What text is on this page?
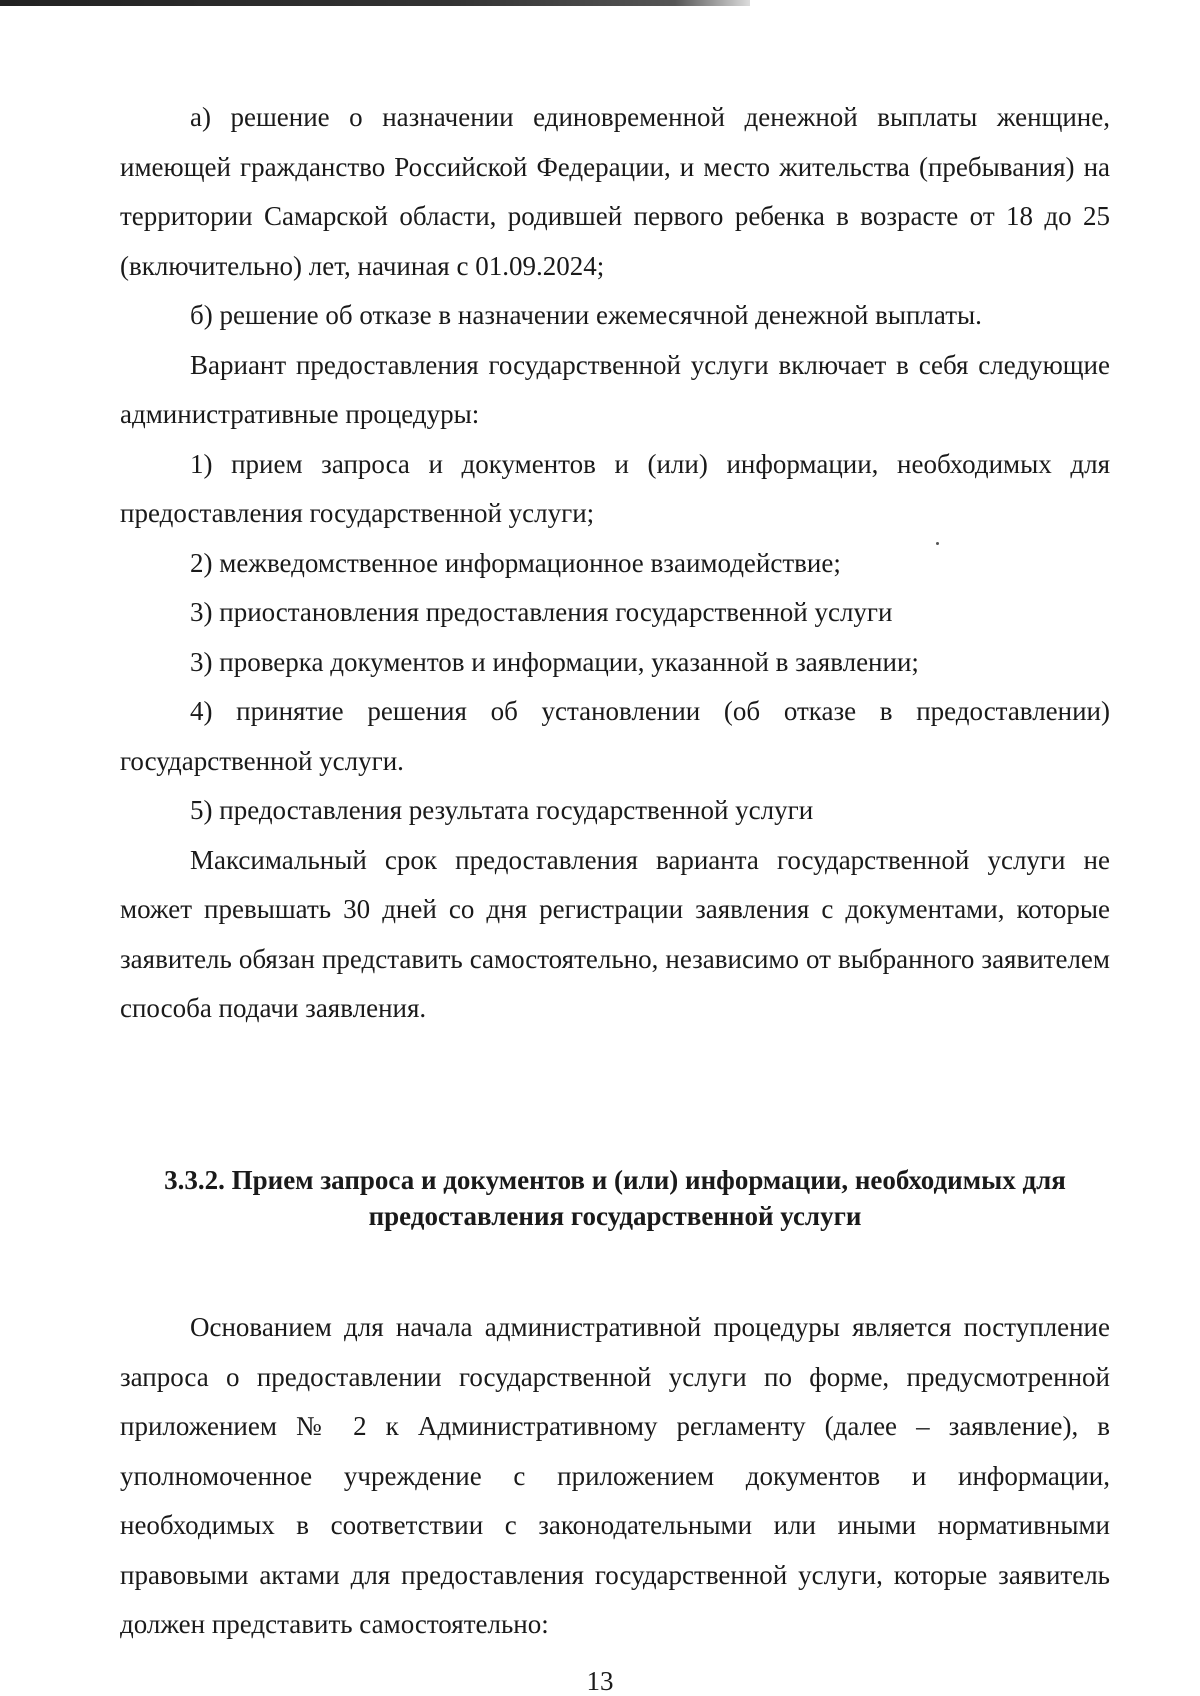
а) решение о назначении единовременной денежной выплаты женщине, имеющей гражданство Российской Федерации, и место жительства (пребывания) на территории Самарской области, родившей первого ребенка в возрасте от 18 до 25 (включительно) лет, начиная с 01.09.2024;

б) решение об отказе в назначении ежемесячной денежной выплаты.

Вариант предоставления государственной услуги включает в себя следующие административные процедуры:

1) прием запроса и документов и (или) информации, необходимых для предоставления государственной услуги;

2) межведомственное информационное взаимодействие;

3) приостановления предоставления государственной услуги

3) проверка документов и информации, указанной в заявлении;

4) принятие решения об установлении (об отказе в предоставлении) государственной услуги.

5) предоставления результата государственной услуги

Максимальный срок предоставления варианта государственной услуги не может превышать 30 дней со дня регистрации заявления с документами, которые заявитель обязан представить самостоятельно, независимо от выбранного заявителем способа подачи заявления.

3.3.2. Прием запроса и документов и (или) информации, необходимых для
предоставления государственной услуги

Основанием для начала административной процедуры является поступление запроса о предоставлении государственной услуги по форме, предусмотренной приложением № 2 к Административному регламенту (далее – заявление), в уполномоченное учреждение с приложением документов и информации, необходимых в соответствии с законодательными или иными нормативными правовыми актами для предоставления государственной услуги, которые заявитель должен представить самостоятельно:

13
